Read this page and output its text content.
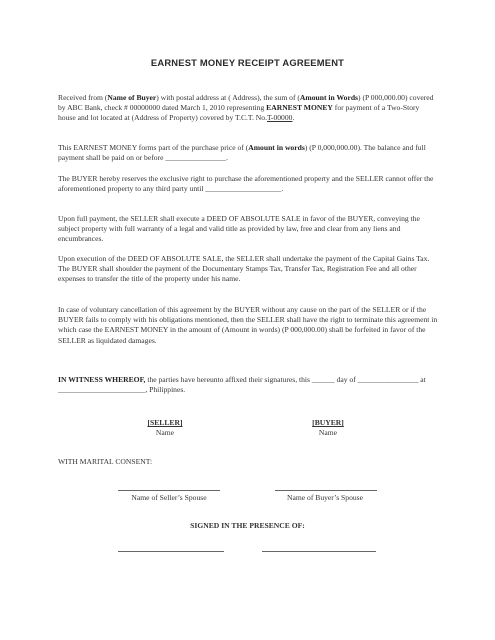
EARNEST MONEY RECEIPT AGREEMENT
Received from (Name of Buyer) with postal address at ( Address), the sum of (Amount in Words) (P 000,000.00) covered by ABC Bank, check # 00000000 dated March 1, 2010 representing EARNEST MONEY for payment of a Two-Story house and lot located at (Address of Property) covered by T.C.T. No.T-00000.
This EARNEST MONEY forms part of the purchase price of (Amount in words) (P 0,000,000.00). The balance and full payment shall be paid on or before ________________.
The BUYER hereby reserves the exclusive right to purchase the aforementioned property and the SELLER cannot offer the aforementioned property to any third party until ____________________.
Upon full payment, the SELLER shall execute a DEED OF ABSOLUTE SALE in favor of the BUYER, conveying the subject property with full warranty of a legal and valid title as provided by law, free and clear from any liens and encumbrances.
Upon execution of the DEED OF ABSOLUTE SALE, the SELLER shall undertake the payment of the Capital Gains Tax. The BUYER shall shoulder the payment of the Documentary Stamps Tax, Transfer Tax, Registration Fee and all other expenses to transfer the title of the property under his name.
In case of voluntary cancellation of this agreement by the BUYER without any cause on the part of the SELLER or if the BUYER fails to comply with his obligations mentioned, then the SELLER shall have the right to terminate this agreement in which case the EARNEST MONEY in the amount of (Amount in words) (P 000,000.00) shall be forfeited in favor of the SELLER as liquidated damages.
IN WITNESS WHEREOF, the parties have hereunto affixed their signatures, this ______ day of ________________ at _______________________, Philippines.
[SELLER]
Name
[BUYER]
Name
WITH MARITAL CONSENT:
Name of Seller’s Spouse	Name of Buyer’s Spouse
SIGNED IN THE PRESENCE OF:
